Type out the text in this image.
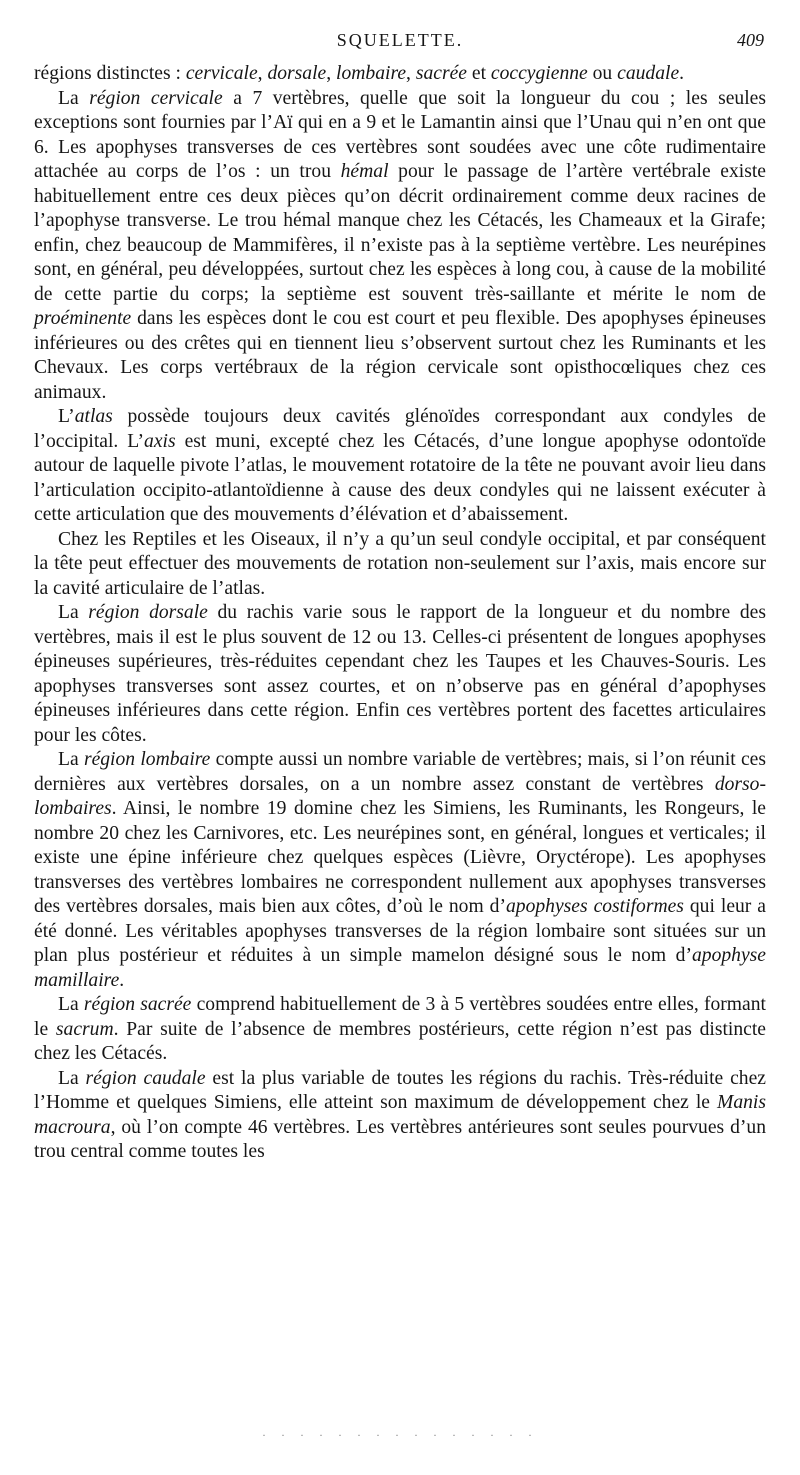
SQUELETTE.	409

régions distinctes : cervicale, dorsale, lombaire, sacrée et coccygienne ou caudale.

La région cervicale a 7 vertèbres, quelle que soit la longueur du cou ; les seules exceptions sont fournies par l’Aï qui en a 9 et le Lamantin ainsi que l’Unau qui n’en ont que 6. Les apophyses transverses de ces vertèbres sont soudées avec une côte rudimentaire attachée au corps de l’os : un trou hémal pour le passage de l’artère vertébrale existe habituellement entre ces deux pièces qu’on décrit ordinairement comme deux racines de l’apophyse transverse. Le trou hémal manque chez les Cétacés, les Chameaux et la Girafe; enfin, chez beaucoup de Mammifères, il n’existe pas à la septième vertèbre. Les neurépines sont, en général, peu développées, surtout chez les espèces à long cou, à cause de la mobilité de cette partie du corps; la septième est souvent très-saillante et mérite le nom de proéminente dans les espèces dont le cou est court et peu flexible. Des apophyses épineuses inférieures ou des crêtes qui en tiennent lieu s’observent surtout chez les Ruminants et les Chevaux. Les corps vertébraux de la région cervicale sont opisthocœliques chez ces animaux.

L’atlas possède toujours deux cavités glénoïdes correspondant aux condyles de l’occipital. L’axis est muni, excepté chez les Cétacés, d’une longue apophyse odontoïde autour de laquelle pivote l’atlas, le mouvement rotatoire de la tête ne pouvant avoir lieu dans l’articulation occipito-atlantoïdienne à cause des deux condyles qui ne laissent exécuter à cette articulation que des mouvements d’élévation et d’abaissement.

Chez les Reptiles et les Oiseaux, il n’y a qu’un seul condyle occipital, et par conséquent la tête peut effectuer des mouvements de rotation non-seulement sur l’axis, mais encore sur la cavité articulaire de l’atlas.

La région dorsale du rachis varie sous le rapport de la longueur et du nombre des vertèbres, mais il est le plus souvent de 12 ou 13. Celles-ci présentent de longues apophyses épineuses supérieures, très-réduites cependant chez les Taupes et les Chauves-Souris. Les apophyses transverses sont assez courtes, et on n’observe pas en général d’apophyses épineuses inférieures dans cette région. Enfin ces vertèbres portent des facettes articulaires pour les côtes.

La région lombaire compte aussi un nombre variable de vertèbres; mais, si l’on réunit ces dernières aux vertèbres dorsales, on a un nombre assez constant de vertèbres dorso-lombaires. Ainsi, le nombre 19 domine chez les Simiens, les Ruminants, les Rongeurs, le nombre 20 chez les Carnivores, etc. Les neurépines sont, en général, longues et verticales; il existe une épine inférieure chez quelques espèces (Lièvre, Oryctérope). Les apophyses transverses des vertèbres lombaires ne correspondent nullement aux apophyses transverses des vertèbres dorsales, mais bien aux côtes, d’où le nom d’apophyses costiformes qui leur a été donné. Les véritables apophyses transverses de la région lombaire sont situées sur un plan plus postérieur et réduites à un simple mamelon désigné sous le nom d’apophyse mamillaire.

La région sacrée comprend habituellement de 3 à 5 vertèbres soudées entre elles, formant le sacrum. Par suite de l’absence de membres postérieurs, cette région n’est pas distincte chez les Cétacés.

La région caudale est la plus variable de toutes les régions du rachis. Très-réduite chez l’Homme et quelques Simiens, elle atteint son maximum de développement chez le Manis macroura, où l’on compte 46 vertèbres. Les vertèbres antérieures sont seules pourvues d’un trou central comme toutes les

· · · · · · · · · · · · · · ·
